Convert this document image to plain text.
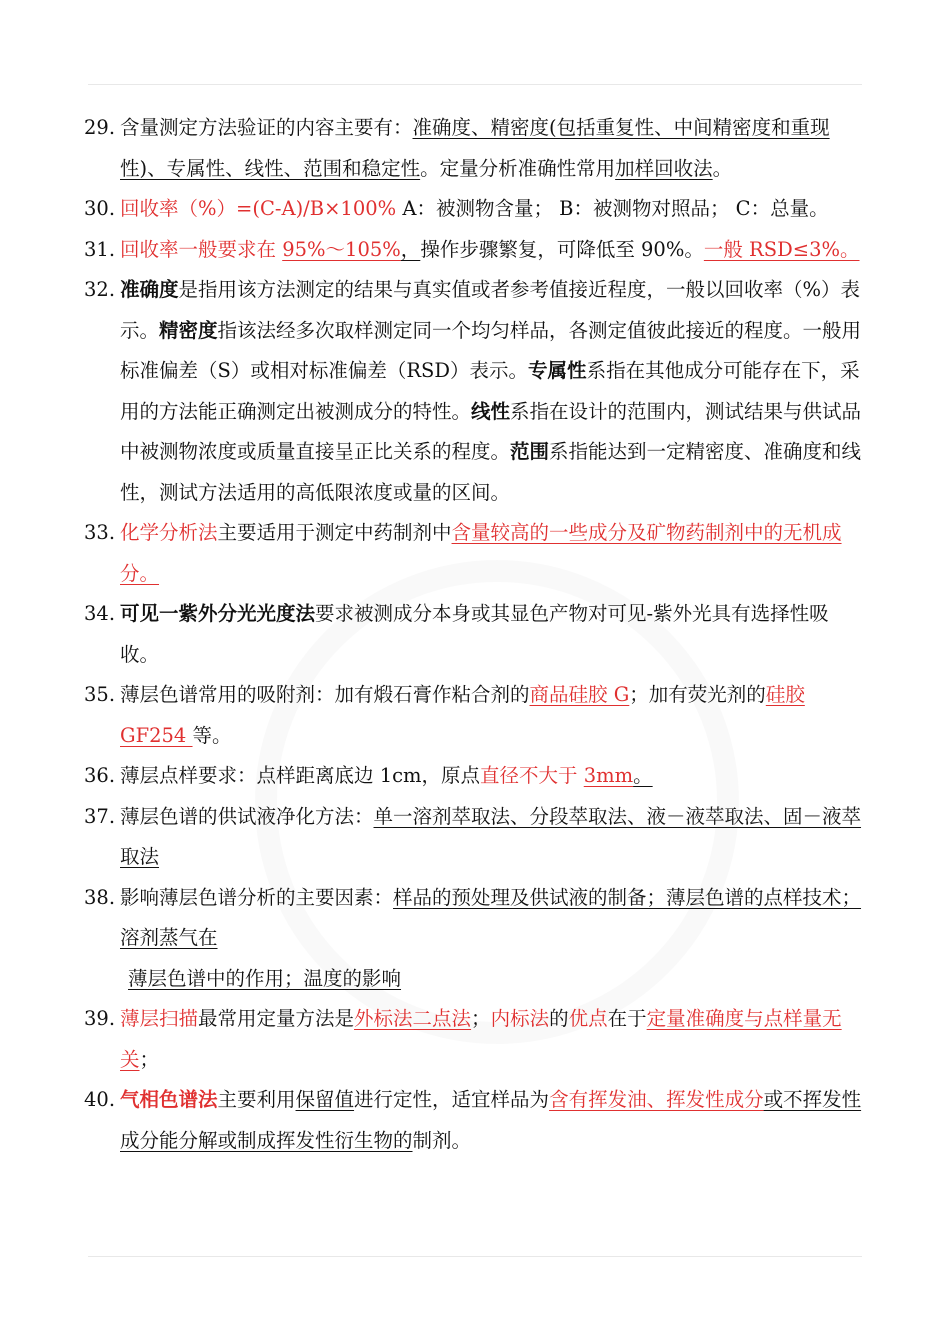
29. 含量测定方法验证的内容主要有：准确度、精密度(包括重复性、中间精密度和重现性)、专属性、线性、范围和稳定性。定量分析准确性常用加样回收法。
30. 回收率（%）=(C-A)/B×100% A：被测物含量； B：被测物对照品； C：总量。
31. 回收率一般要求在 95%～105%，操作步骤繁复，可降低至 90%。一般 RSD≤3%。
32. 准确度是指用该方法测定的结果与真实值或者参考值接近程度，一般以回收率（%）表示。精密度指该法经多次取样测定同一个均匀样品，各测定值彼此接近的程度。一般用标准偏差（S）或相对标准偏差（RSD）表示。专属性系指在其他成分可能存在下，采用的方法能正确测定出被测成分的特性。线性系指在设计的范围内，测试结果与供试品中被测物浓度或质量直接呈正比关系的程度。范围系指能达到一定精密度、准确度和线性，测试方法适用的高低限浓度或量的区间。
33. 化学分析法主要适用于测定中药制剂中含量较高的一些成分及矿物药制剂中的无机成分。
34. 可见一紫外分光光度法要求被测成分本身或其显色产物对可见-紫外光具有选择性吸收。
35. 薄层色谱常用的吸附剂：加有煅石膏作粘合剂的商品硅胶 G；加有荧光剂的硅胶GF254 等。
36. 薄层点样要求：点样距离底边 1cm，原点直径不大于 3mm。
37. 薄层色谱的供试液净化方法：单一溶剂萃取法、分段萃取法、液－液萃取法、固－液萃取法
38. 影响薄层色谱分析的主要因素：样品的预处理及供试液的制备；薄层色谱的点样技术；溶剂蒸气在
薄层色谱中的作用；温度的影响
39. 薄层扫描最常用定量方法是外标法二点法；内标法的优点在于定量准确度与点样量无关；
40. 气相色谱法主要利用保留值进行定性，适宜样品为含有挥发油、挥发性成分或不挥发性成分能分解或制成挥发性衍生物的制剂。
